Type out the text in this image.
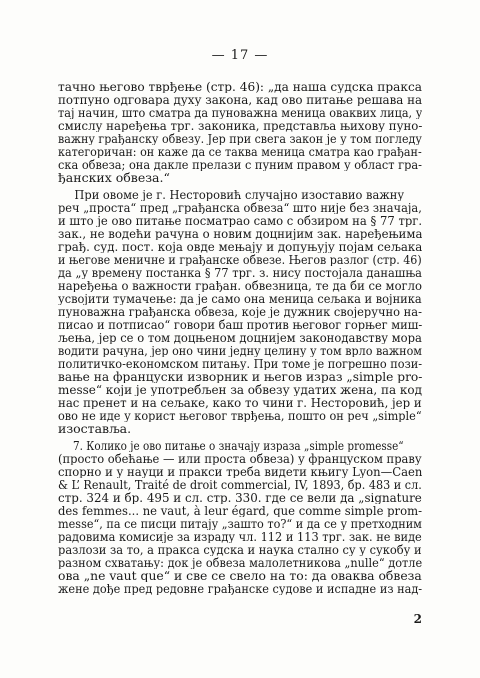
— 17 —
тачно његово тврђење (стр. 46): „да наша судска пракса
потпуно одговара духу закона, кад ово питање решава на
тај начин, што сматра да пуноважна меница оваквих лица, у
смислу наређења трг. законика, представља њихову пуно-
важну грађанску обвезу. Јер при свега закон је у том погледу
категоричан: он каже да се таква меница сматра као грађан-
ска обвеза; она дакле прелази с пуним правом у област гра-
ђанских обвеза.“
При овоме је г. Несторовић случајно изоставио важну
реч „проста“ пред „грађанска обвеза“ што није без значаја,
и што је ово питање посматрао само с обзиром на § 77 трг.
зак., не водећи рачуна о новим доцнијим зак. наређењима
грађ. суд. пост. која овде мењају и допуњују појам сељака
и његове меничне и грађанске обвезе. Његов разлог (стр. 46)
да „у времену постанка § 77 трг. з. нису постојала данашња
наређења о важности грађан. обвезница, те да би се могло
усвојити тумачење: да је само она меница сељака и војника
пуноважна грађанска обвеза, које је дужник својеручно на-
писао и потписао“ говори баш против његовог горњег миш-
љења, јер се о том доцњеном доцнијем законодавству мора
водити рачуна, јер оно чини једну целину у том врло важном
политичко-економском питању. При томе је погрешно пози-
вање на француски изворник и његов израз „simple pro-
messe“ који је употребљен за обвезу удатих жена, па код
нас пренет и на сељаке, како то чини г. Несторовић, јер и
ово не иде у корист његовог тврђења, пошто он реч „simple“
изоставља.
7. Колико је ово питање о значају израза „simple promesse“
(просто обећање — или проста обвеза) у француском праву
спорно и у науци и пракси треба видети књигу Lyon—Caen
& L’ Renault, Traité de droit commercial, IV, 1893, бр. 483 и сл.
стр. 324 и бр. 495 и сл. стр. 330. где се вели да „signature
des femmes... ne vaut, à leur égard, que comme simple prom-
messe“, па се писци питају „зашто то?“ и да се у претходним
радовима комисије за израду чл. 112 и 113 трг. зак. не виде
разлози за то, а пракса судска и наука стално су у сукобу и
разном схватању: док је обвеза малолетникова „nulle“ дотле
ова „ne vaut que“ и све се свело на то: да оваква обвеза
жене дође пред редовне грађанске судове и испадне из над-
2
